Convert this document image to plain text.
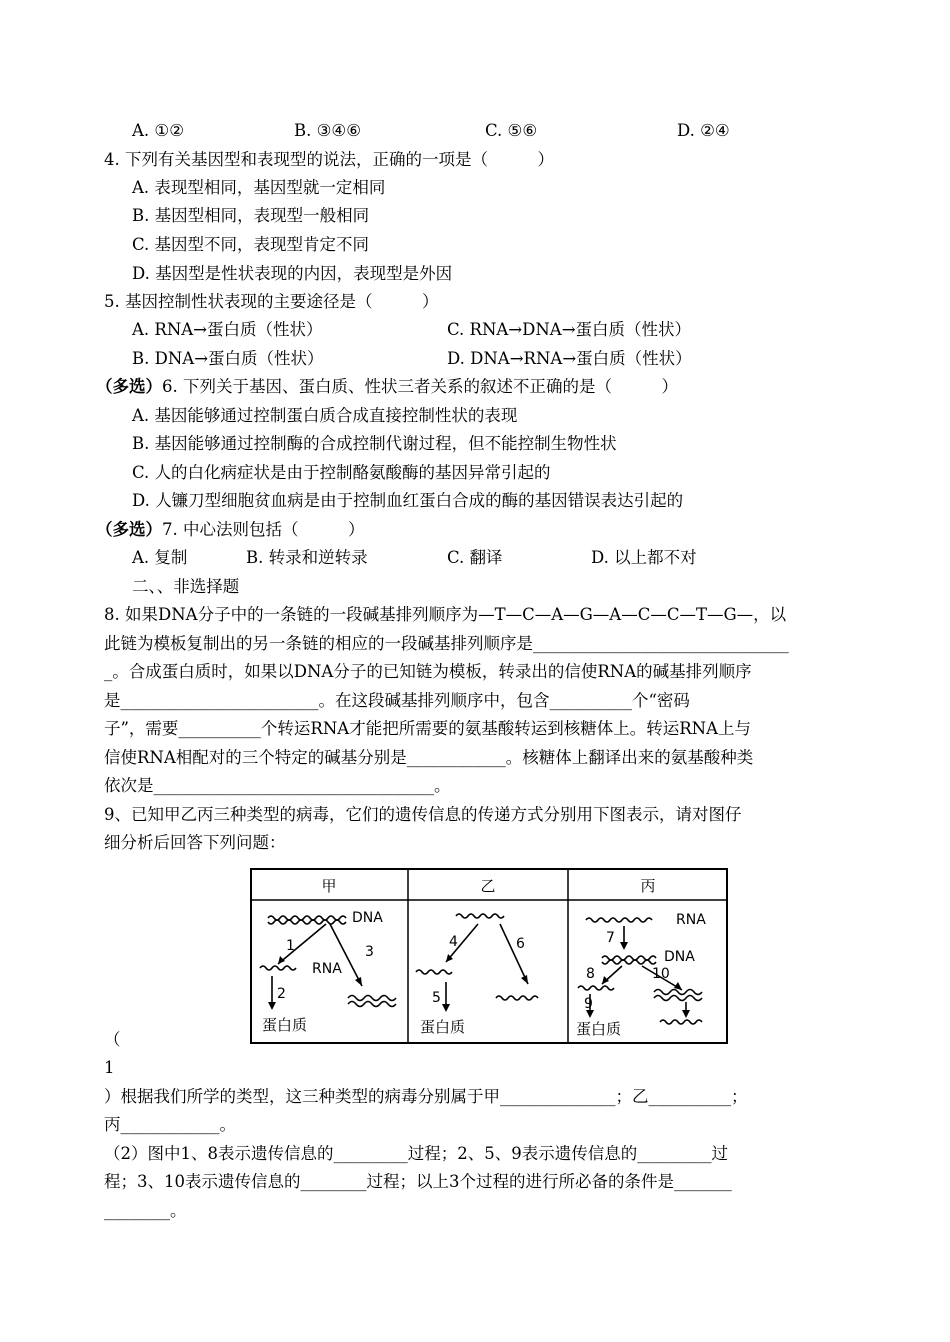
A. ①②	B. ③④⑥	C. ⑤⑥	D. ②④
4. 下列有关基因型和表现型的说法，正确的一项是（　　　）
A. 表现型相同，基因型就一定相同
B. 基因型相同，表现型一般相同
C. 基因型不同，表现型肯定不同
D. 基因型是性状表现的内因，表现型是外因
5. 基因控制性状表现的主要途径是（　　　）
A. RNA→蛋白质（性状）	C. RNA→DNA→蛋白质（性状）
B. DNA→蛋白质（性状）	D. DNA→RNA→蛋白质（性状）
（多选）6. 下列关于基因、蛋白质、性状三者关系的叙述不正确的是（　　　）
A. 基因能够通过控制蛋白质合成直接控制性状的表现
B. 基因能够通过控制酶的合成控制代谢过程，但不能控制生物性状
C. 人的白化病症状是由于控制酪氨酸酶的基因异常引起的
D. 人镰刀型细胞贫血病是由于控制血红蛋白合成的酶的基因错误表达引起的
（多选）7. 中心法则包括（　　　）
A. 复制	B. 转录和逆转录	C. 翻译	D. 以上都不对
二、、非选择题
8. 如果DNA分子中的一条链的一段碱基排列顺序为—T—C—A—G—A—C—C—T—G—，以
此链为模板复制出的另一条链的相应的一段碱基排列顺序是_______________________________
_。合成蛋白质时，如果以DNA分子的已知链为模板，转录出的信使RNA的碱基排列顺序
是________________________。在这段碱基排列顺序中，包含__________个“密码
子”，需要__________个转运RNA才能把所需要的氨基酸转运到核糖体上。转运RNA上与
信使RNA相配对的三个特定的碱基分别是____________。核糖体上翻译出来的氨基酸种类
依次是__________________________________。
9、已知甲乙丙三种类型的病毒，它们的遗传信息的传递方式分别用下图表示，请对图仔
细分析后回答下列问题：
甲	乙	丙
DNA
1	3
RNA
2
蛋白质
4	6
5
蛋白质
RNA
7
DNA
8	10
9
蛋白质
（
1
）根据我们所学的类型，这三种类型的病毒分别属于甲______________；乙__________；
丙____________。
（2）图中1、8表示遗传信息的_________过程；2、5、9表示遗传信息的_________过
程；3、10表示遗传信息的________过程；以上3个过程的进行所必备的条件是_______
________。
